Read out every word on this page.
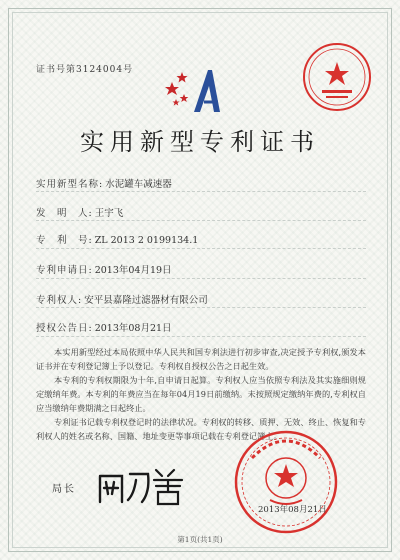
证书号第3124004号
实用新型专利证书
实用新型名称: 水泥罐车减速器
发　明　人: 王宇飞
专　利　号: ZL 2013 2 0199134.1
专利申请日: 2013年04月19日
专利权人: 安平县嘉隆过滤器材有限公司
授权公告日: 2013年08月21日

本实用新型经过本局依照中华人民共和国专利法进行初步审查,决定授予专利权,颁发本证书并在专利登记簿上予以登记。专利权自授权公告之日起生效。

本专利的专利权期限为十年,自申请日起算。专利权人应当依照专利法及其实施细则规定缴纳年费。本专利的年费应当在每年04月19日前缴纳。未按照规定缴纳年费的,专利权自应当缴纳年费期满之日起终止。

专利证书记载专利权登记时的法律状况。专利权的转移、质押、无效、终止、恢复和专利权人的姓名或名称、国籍、地址变更等事项记载在专利登记簿上。

局长
2013年08月21日
第1页(共1页)
